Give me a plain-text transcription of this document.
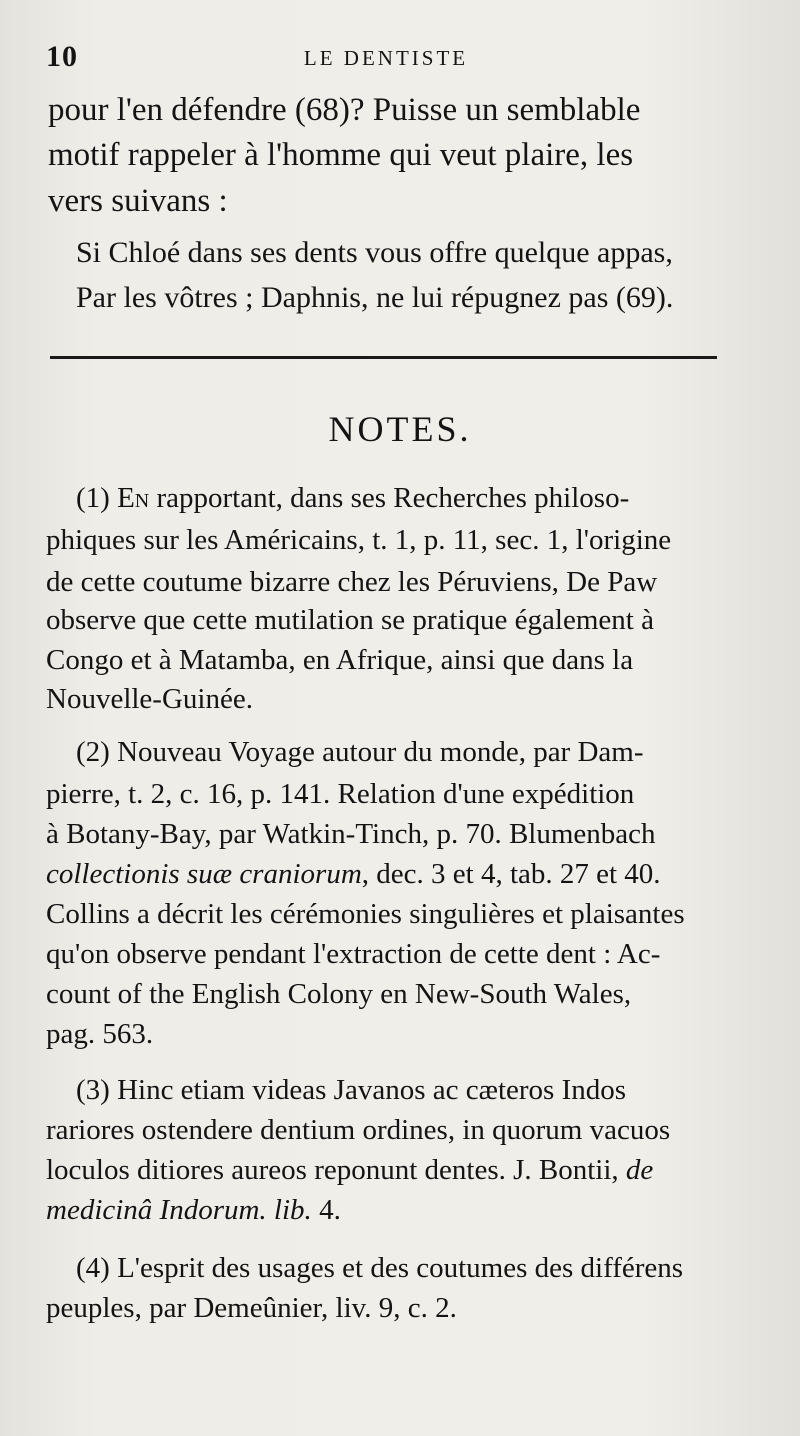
10	LE DENTISTE
pour l'en défendre (68)? Puisse un semblable
motif rappeler à l'homme qui veut plaire, les
vers suivans :
Si Chloé dans ses dents vous offre quelque appas,
Par les vôtres ; Daphnis, ne lui répugnez pas (69).
NOTES.
(1) En rapportant, dans ses Recherches philoso-
phiques sur les Américains, t. 1, p. 11, sec. 1, l'origine
de cette coutume bizarre chez les Péruviens, De Paw
observe que cette mutilation se pratique également à
Congo et à Matamba, en Afrique, ainsi que dans la
Nouvelle-Guinée.
(2) Nouveau Voyage autour du monde, par Dam-
pierre, t. 2, c. 16, p. 141. Relation d'une expédition
à Botany-Bay, par Watkin-Tinch, p. 70. Blumenbach
collectionis suæ craniorum, dec. 3 et 4, tab. 27 et 40.
Collins a décrit les cérémonies singulières et plaisantes
qu'on observe pendant l'extraction de cette dent : Ac-
count of the English Colony en New-South Wales,
pag. 563.
(3) Hinc etiam videas Javanos ac cæteros Indos
rariores ostendere dentium ordines, in quorum vacuos
loculos ditiores aureos reponunt dentes. J. Bontii, de
medicinâ Indorum. lib. 4.
(4) L'esprit des usages et des coutumes des différens
peuples, par Demeûnier, liv. 9, c. 2.
